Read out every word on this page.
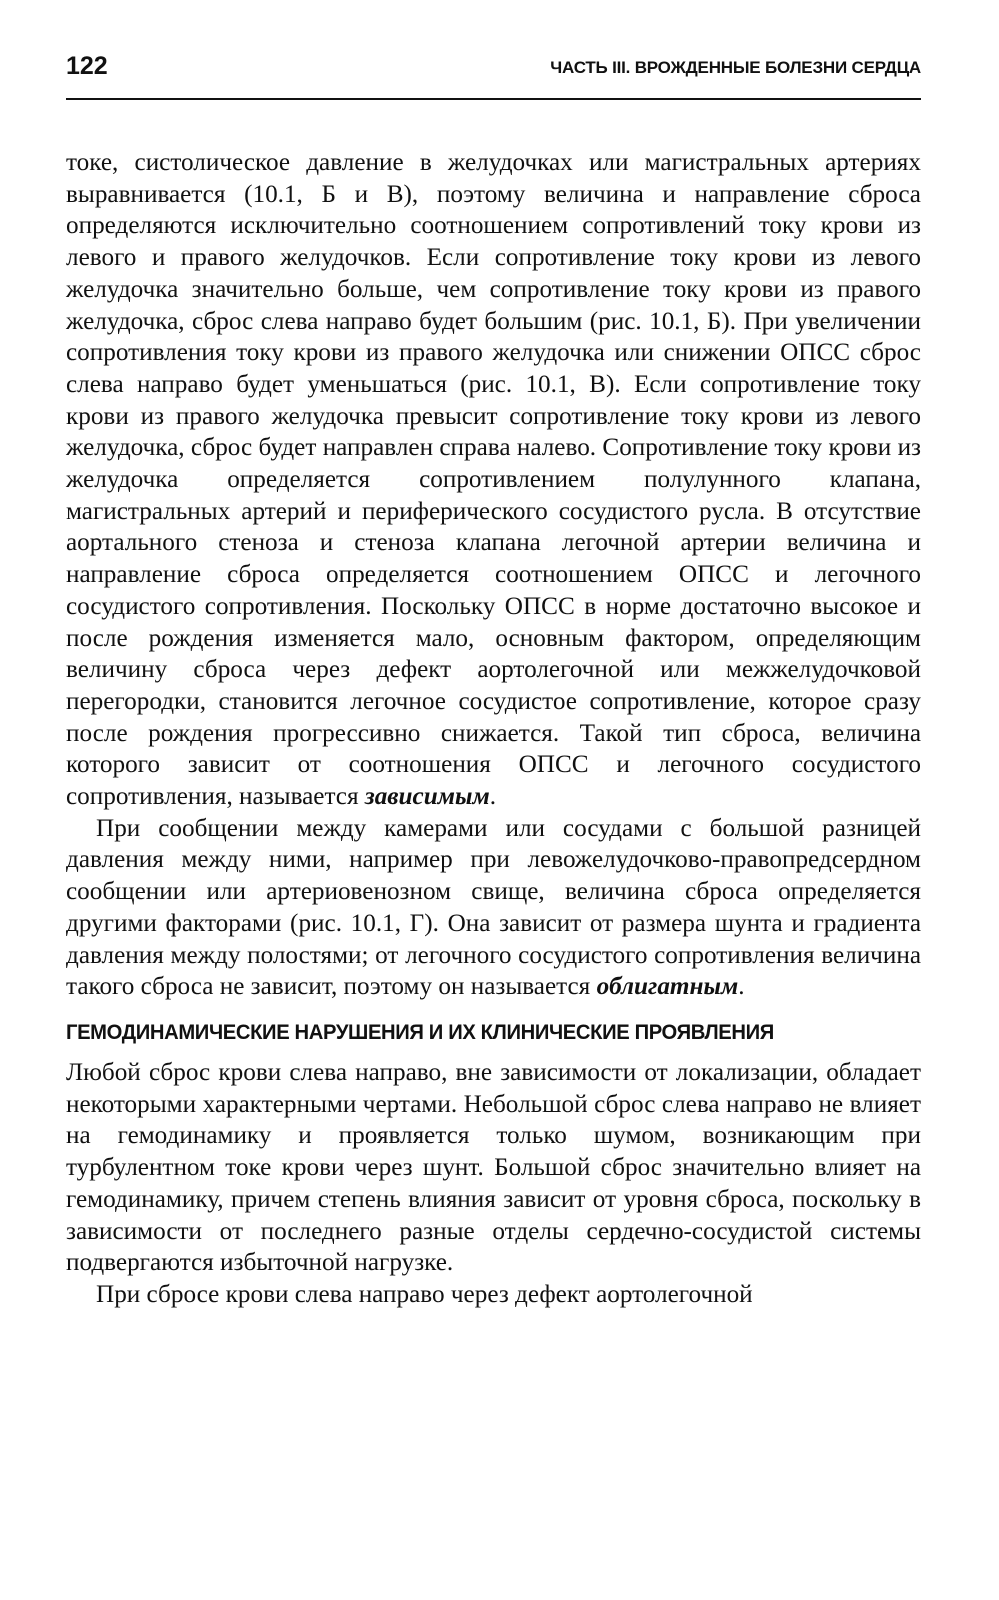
122	ЧАСТЬ III. ВРОЖДЕННЫЕ БОЛЕЗНИ СЕРДЦА

токе, систолическое давление в желудочках или магистральных артериях выравнивается (10.1, Б и В), поэтому величина и направление сброса определяются исключительно соотношением сопротивлений току крови из левого и правого желудочков. Если сопротивление току крови из левого желудочка значительно больше, чем сопротивление току крови из правого желудочка, сброс слева направо будет большим (рис. 10.1, Б). При увеличении сопротивления току крови из правого желудочка или снижении ОПСС сброс слева направо будет уменьшаться (рис. 10.1, В). Если сопротивление току крови из правого желудочка превысит сопротивление току крови из левого желудочка, сброс будет направлен справа налево. Сопротивление току крови из желудочка определяется сопротивлением полулунного клапана, магистральных артерий и периферического сосудистого русла. В отсутствие аортального стеноза и стеноза клапана легочной артерии величина и направление сброса определяется соотношением ОПСС и легочного сосудистого сопротивления. Поскольку ОПСС в норме достаточно высокое и после рождения изменяется мало, основным фактором, определяющим величину сброса через дефект аортолегочной или межжелудочковой перегородки, становится легочное сосудистое сопротивление, которое сразу после рождения прогрессивно снижается. Такой тип сброса, величина которого зависит от соотношения ОПСС и легочного сосудистого сопротивления, называется зависимым.

При сообщении между камерами или сосудами с большой разницей давления между ними, например при левожелудочково-правопредсердном сообщении или артериовенозном свище, величина сброса определяется другими факторами (рис. 10.1, Г). Она зависит от размера шунта и градиента давления между полостями; от легочного сосудистого сопротивления величина такого сброса не зависит, поэтому он называется облигатным.

ГЕМОДИНАМИЧЕСКИЕ НАРУШЕНИЯ И ИХ КЛИНИЧЕСКИЕ ПРОЯВЛЕНИЯ

Любой сброс крови слева направо, вне зависимости от локализации, обладает некоторыми характерными чертами. Небольшой сброс слева направо не влияет на гемодинамику и проявляется только шумом, возникающим при турбулентном токе крови через шунт. Большой сброс значительно влияет на гемодинамику, причем степень влияния зависит от уровня сброса, поскольку в зависимости от последнего разные отделы сердечно-сосудистой системы подвергаются избыточной нагрузке.

При сбросе крови слева направо через дефект аортолегочной
